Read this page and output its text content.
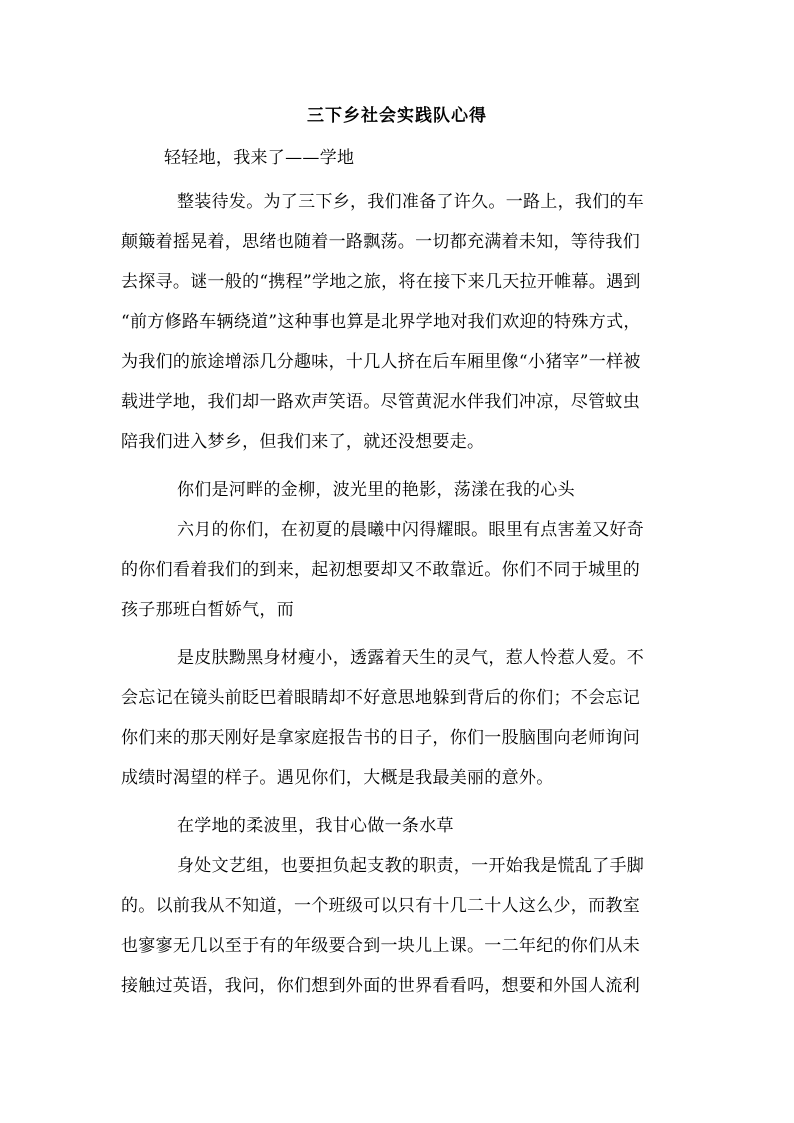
三下乡社会实践队心得
轻轻地，我来了——学地
整装待发。为了三下乡，我们准备了许久。一路上，我们的车
颠簸着摇晃着，思绪也随着一路飘荡。一切都充满着未知，等待我们
去探寻。谜一般的“携程”学地之旅，将在接下来几天拉开帷幕。遇到
“前方修路车辆绕道”这种事也算是北界学地对我们欢迎的特殊方式，
为我们的旅途增添几分趣味，十几人挤在后车厢里像“小猪宰”一样被
载进学地，我们却一路欢声笑语。尽管黄泥水伴我们冲凉，尽管蚊虫
陪我们进入梦乡，但我们来了，就还没想要走。
你们是河畔的金柳，波光里的艳影，荡漾在我的心头
六月的你们，在初夏的晨曦中闪得耀眼。眼里有点害羞又好奇
的你们看着我们的到来，起初想要却又不敢靠近。你们不同于城里的
孩子那班白皙娇气，而
是皮肤黝黑身材瘦小，透露着天生的灵气，惹人怜惹人爱。不
会忘记在镜头前眨巴着眼睛却不好意思地躲到背后的你们；不会忘记
你们来的那天刚好是拿家庭报告书的日子，你们一股脑围向老师询问
成绩时渴望的样子。遇见你们，大概是我最美丽的意外。
在学地的柔波里，我甘心做一条水草
身处文艺组，也要担负起支教的职责，一开始我是慌乱了手脚
的。以前我从不知道，一个班级可以只有十几二十人这么少，而教室
也寥寥无几以至于有的年级要合到一块儿上课。一二年纪的你们从未
接触过英语，我问，你们想到外面的世界看看吗，想要和外国人流利
